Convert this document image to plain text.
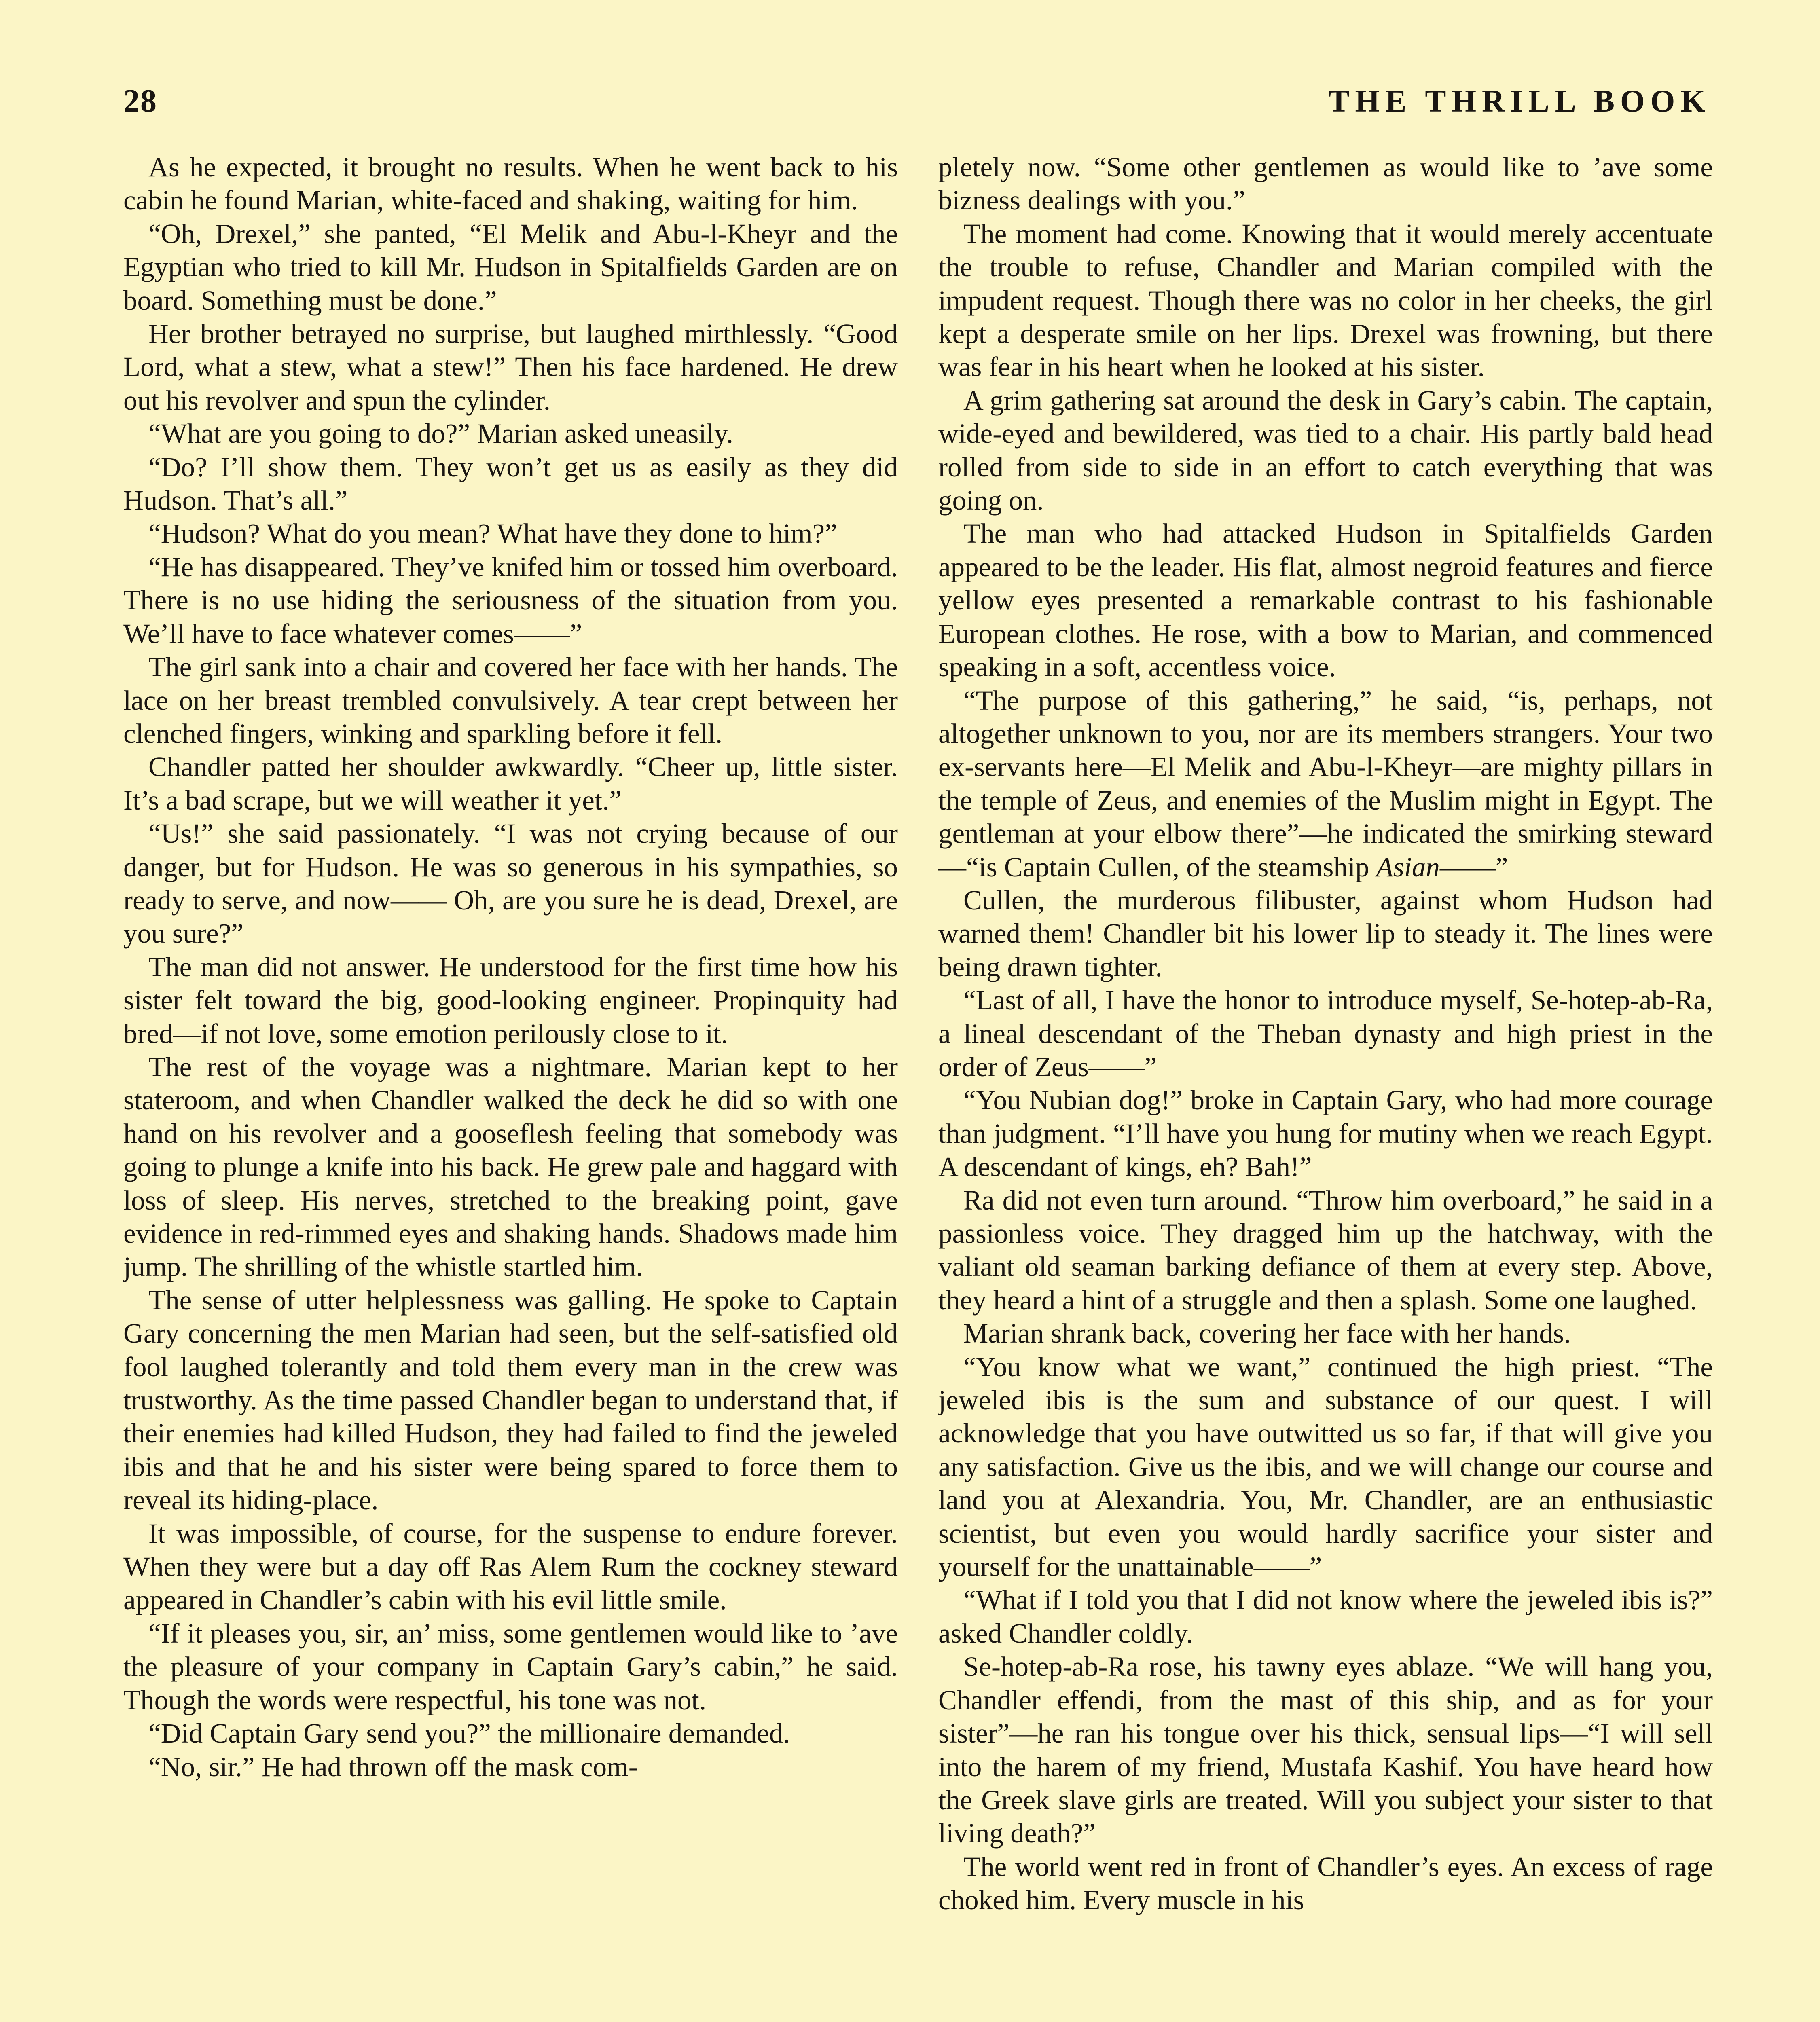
28	THE THRILL BOOK

As he expected, it brought no results. When he went back to his cabin he found Marian, white-faced and shaking, waiting for him.

“Oh, Drexel,” she panted, “El Melik and Abu-l-Kheyr and the Egyptian who tried to kill Mr. Hudson in Spitalfields Garden are on board. Something must be done.”

Her brother betrayed no surprise, but laughed mirthlessly. “Good Lord, what a stew, what a stew!” Then his face hardened. He drew out his revolver and spun the cylinder.

“What are you going to do?” Marian asked uneasily.

“Do? I’ll show them. They won’t get us as easily as they did Hudson. That’s all.”

“Hudson? What do you mean? What have they done to him?”

“He has disappeared. They’ve knifed him or tossed him overboard. There is no use hiding the seriousness of the situation from you. We’ll have to face whatever comes——”

The girl sank into a chair and covered her face with her hands. The lace on her breast trembled convulsively. A tear crept between her clenched fingers, winking and sparkling before it fell.

Chandler patted her shoulder awkwardly. “Cheer up, little sister. It’s a bad scrape, but we will weather it yet.”

“Us!” she said passionately. “I was not crying because of our danger, but for Hudson. He was so generous in his sympathies, so ready to serve, and now—— Oh, are you sure he is dead, Drexel, are you sure?”

The man did not answer. He understood for the first time how his sister felt toward the big, good-looking engineer. Propinquity had bred—if not love, some emotion perilously close to it.

The rest of the voyage was a nightmare. Marian kept to her stateroom, and when Chandler walked the deck he did so with one hand on his revolver and a gooseflesh feeling that somebody was going to plunge a knife into his back. He grew pale and haggard with loss of sleep. His nerves, stretched to the breaking point, gave evidence in red-rimmed eyes and shaking hands. Shadows made him jump. The shrilling of the whistle startled him.

The sense of utter helplessness was galling. He spoke to Captain Gary concerning the men Marian had seen, but the self-satisfied old fool laughed tolerantly and told them every man in the crew was trustworthy. As the time passed Chandler began to understand that, if their enemies had killed Hudson, they had failed to find the jeweled ibis and that he and his sister were being spared to force them to reveal its hiding-place.

It was impossible, of course, for the suspense to endure forever. When they were but a day off Ras Alem Rum the cockney steward appeared in Chandler’s cabin with his evil little smile.

“If it pleases you, sir, an’ miss, some gentlemen would like to ’ave the pleasure of your company in Captain Gary’s cabin,” he said. Though the words were respectful, his tone was not.

“Did Captain Gary send you?” the millionaire demanded.

“No, sir.” He had thrown off the mask com-

pletely now. “Some other gentlemen as would like to ’ave some bizness dealings with you.”

The moment had come. Knowing that it would merely accentuate the trouble to refuse, Chandler and Marian compiled with the impudent request. Though there was no color in her cheeks, the girl kept a desperate smile on her lips. Drexel was frowning, but there was fear in his heart when he looked at his sister.

A grim gathering sat around the desk in Gary’s cabin. The captain, wide-eyed and bewildered, was tied to a chair. His partly bald head rolled from side to side in an effort to catch everything that was going on.

The man who had attacked Hudson in Spitalfields Garden appeared to be the leader. His flat, almost negroid features and fierce yellow eyes presented a remarkable contrast to his fashionable European clothes. He rose, with a bow to Marian, and commenced speaking in a soft, accentless voice.

“The purpose of this gathering,” he said, “is, perhaps, not altogether unknown to you, nor are its members strangers. Your two ex-servants here—El Melik and Abu-l-Kheyr—are mighty pillars in the temple of Zeus, and enemies of the Muslim might in Egypt. The gentleman at your elbow there”—he indicated the smirking steward—“is Captain Cullen, of the steamship Asian——”

Cullen, the murderous filibuster, against whom Hudson had warned them! Chandler bit his lower lip to steady it. The lines were being drawn tighter.

“Last of all, I have the honor to introduce myself, Se-hotep-ab-Ra, a lineal descendant of the Theban dynasty and high priest in the order of Zeus——”

“You Nubian dog!” broke in Captain Gary, who had more courage than judgment. “I’ll have you hung for mutiny when we reach Egypt. A descendant of kings, eh? Bah!”

Ra did not even turn around. “Throw him overboard,” he said in a passionless voice. They dragged him up the hatchway, with the valiant old seaman barking defiance of them at every step. Above, they heard a hint of a struggle and then a splash. Some one laughed.

Marian shrank back, covering her face with her hands.

“You know what we want,” continued the high priest. “The jeweled ibis is the sum and substance of our quest. I will acknowledge that you have outwitted us so far, if that will give you any satisfaction. Give us the ibis, and we will change our course and land you at Alexandria. You, Mr. Chandler, are an enthusiastic scientist, but even you would hardly sacrifice your sister and yourself for the unattainable——”

“What if I told you that I did not know where the jeweled ibis is?” asked Chandler coldly.

Se-hotep-ab-Ra rose, his tawny eyes ablaze. “We will hang you, Chandler effendi, from the mast of this ship, and as for your sister”—he ran his tongue over his thick, sensual lips—“I will sell into the harem of my friend, Mustafa Kashif. You have heard how the Greek slave girls are treated. Will you subject your sister to that living death?”

The world went red in front of Chandler’s eyes. An excess of rage choked him. Every muscle in his
